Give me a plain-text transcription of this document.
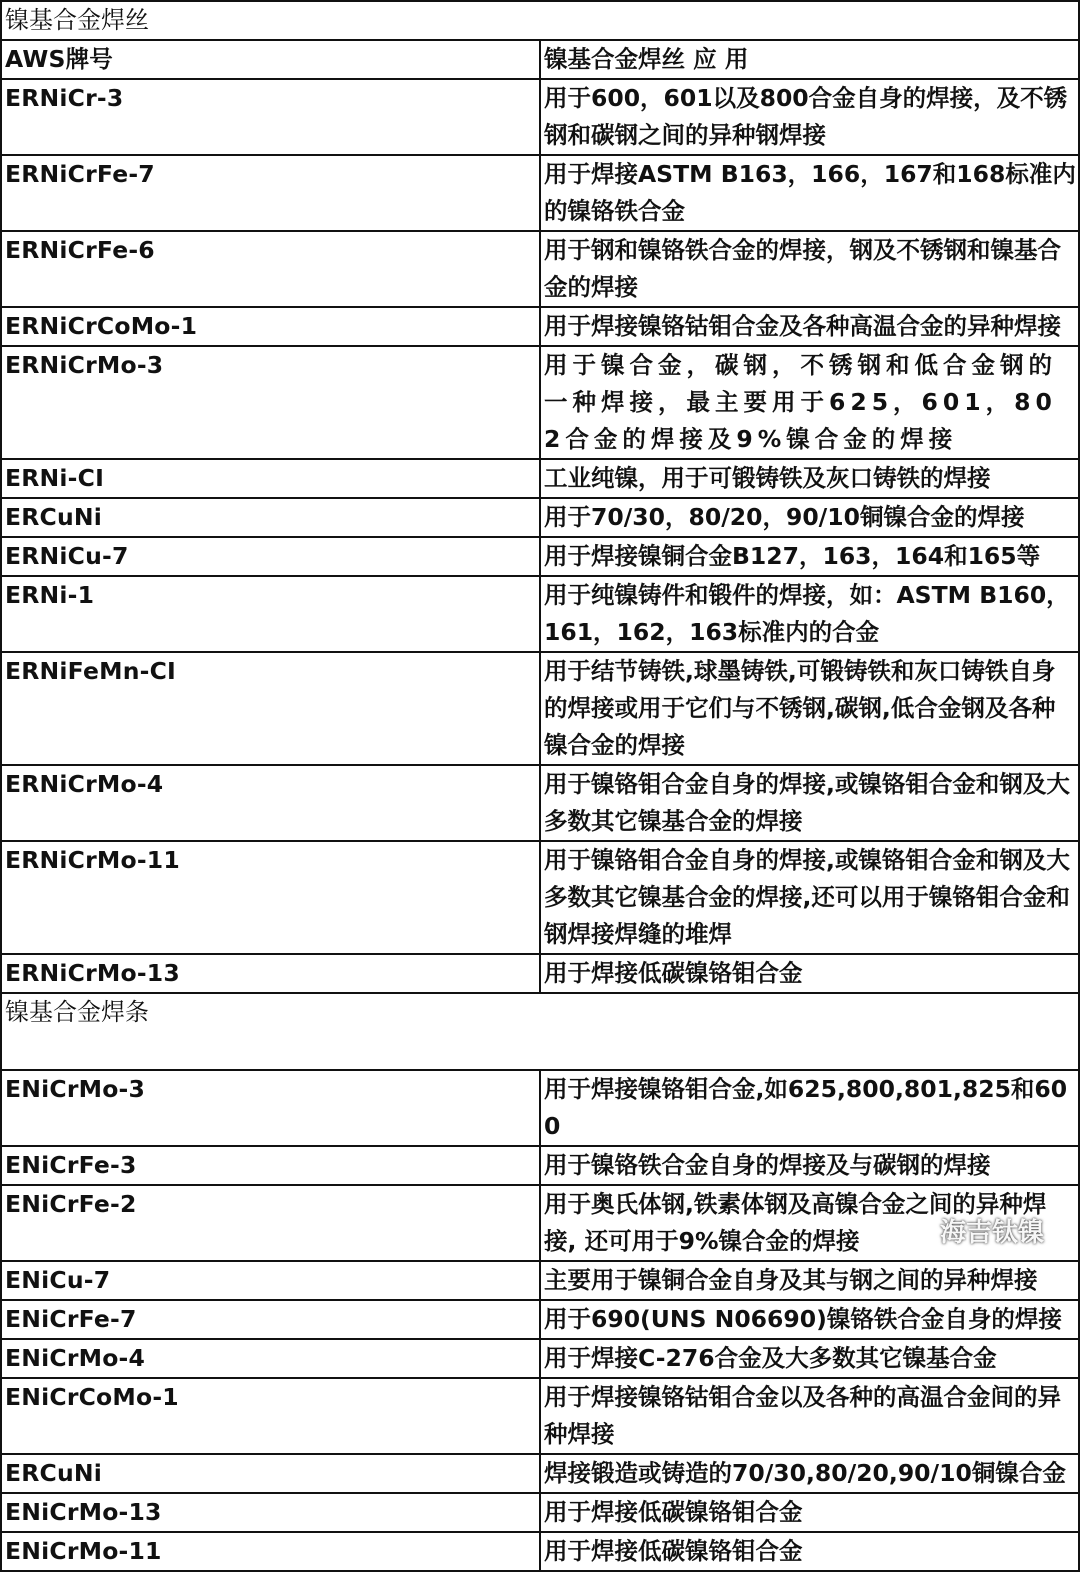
镍基合金焊丝	
AWS牌号	镍基合金焊丝 应 用
ERNiCr-3	用于600，601以及800合金自身的焊接，及不锈钢和碳钢之间的异种钢焊接
ERNiCrFe-7	用于焊接ASTM B163，166，167和168标准内的镍铬铁合金
ERNiCrFe-6	用于钢和镍铬铁合金的焊接，钢及不锈钢和镍基合金的焊接
ERNiCrCoMo-1	用于焊接镍铬钴钼合金及各种高温合金的异种焊接
ERNiCrMo-3	用于镍合金，碳钢，不锈钢和低合金钢的一种焊接，最主要用于625，601，802合金的焊接及9%镍合金的焊接
ERNi-CI	工业纯镍，用于可锻铸铁及灰口铸铁的焊接
ERCuNi	用于70/30，80/20，90/10铜镍合金的焊接
ERNiCu-7	用于焊接镍铜合金B127，163，164和165等
ERNi-1	用于纯镍铸件和锻件的焊接，如：ASTM B160，161，162，163标准内的合金
ERNiFeMn-CI	用于结节铸铁,球墨铸铁,可锻铸铁和灰口铸铁自身的焊接或用于它们与不锈钢,碳钢,低合金钢及各种镍合金的焊接
ERNiCrMo-4	用于镍铬钼合金自身的焊接,或镍铬钼合金和钢及大多数其它镍基合金的焊接
ERNiCrMo-11	用于镍铬钼合金自身的焊接,或镍铬钼合金和钢及大多数其它镍基合金的焊接,还可以用于镍铬钼合金和钢焊接焊缝的堆焊
ERNiCrMo-13	用于焊接低碳镍铬钼合金
镍基合金焊条	
ENiCrMo-3	用于焊接镍铬钼合金,如625,800,801,825和600
ENiCrFe-3	用于镍铬铁合金自身的焊接及与碳钢的焊接
ENiCrFe-2	用于奥氏体钢,铁素体钢及高镍合金之间的异种焊接, 还可用于9%镍合金的焊接
ENiCu-7	主要用于镍铜合金自身及其与钢之间的异种焊接
ENiCrFe-7	用于690(UNS N06690)镍铬铁合金自身的焊接
ENiCrMo-4	用于焊接C-276合金及大多数其它镍基合金
ENiCrCoMo-1	用于焊接镍铬钴钼合金以及各种的高温合金间的异种焊接
ERCuNi	焊接锻造或铸造的70/30,80/20,90/10铜镍合金
ENiCrMo-13	用于焊接低碳镍铬钼合金
ENiCrMo-11	用于焊接低碳镍铬钼合金
海吉钛镍
